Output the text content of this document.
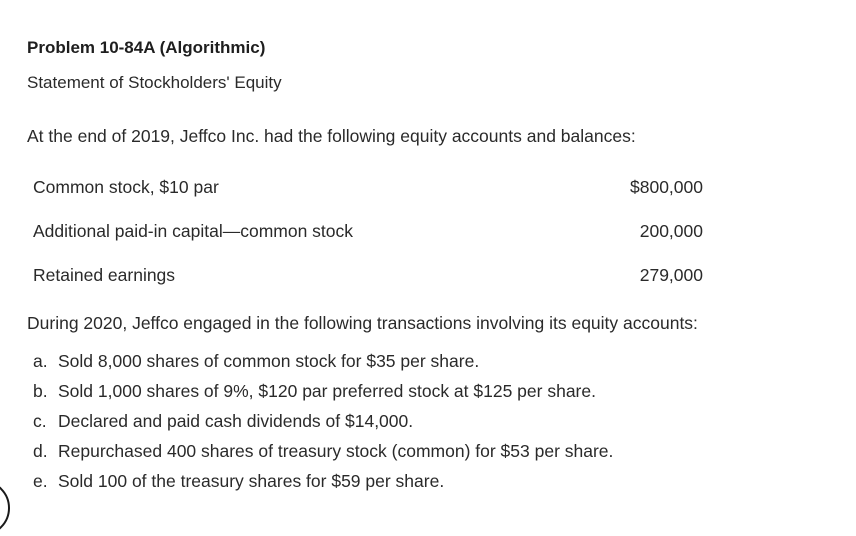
Problem 10-84A (Algorithmic)
Statement of Stockholders' Equity
At the end of 2019, Jeffco Inc. had the following equity accounts and balances:
Common stock, $10 par	$800,000
Additional paid-in capital—common stock	200,000
Retained earnings	279,000
During 2020, Jeffco engaged in the following transactions involving its equity accounts:
a. Sold 8,000 shares of common stock for $35 per share.
b. Sold 1,000 shares of 9%, $120 par preferred stock at $125 per share.
c. Declared and paid cash dividends of $14,000.
d. Repurchased 400 shares of treasury stock (common) for $53 per share.
e. Sold 100 of the treasury shares for $59 per share.
